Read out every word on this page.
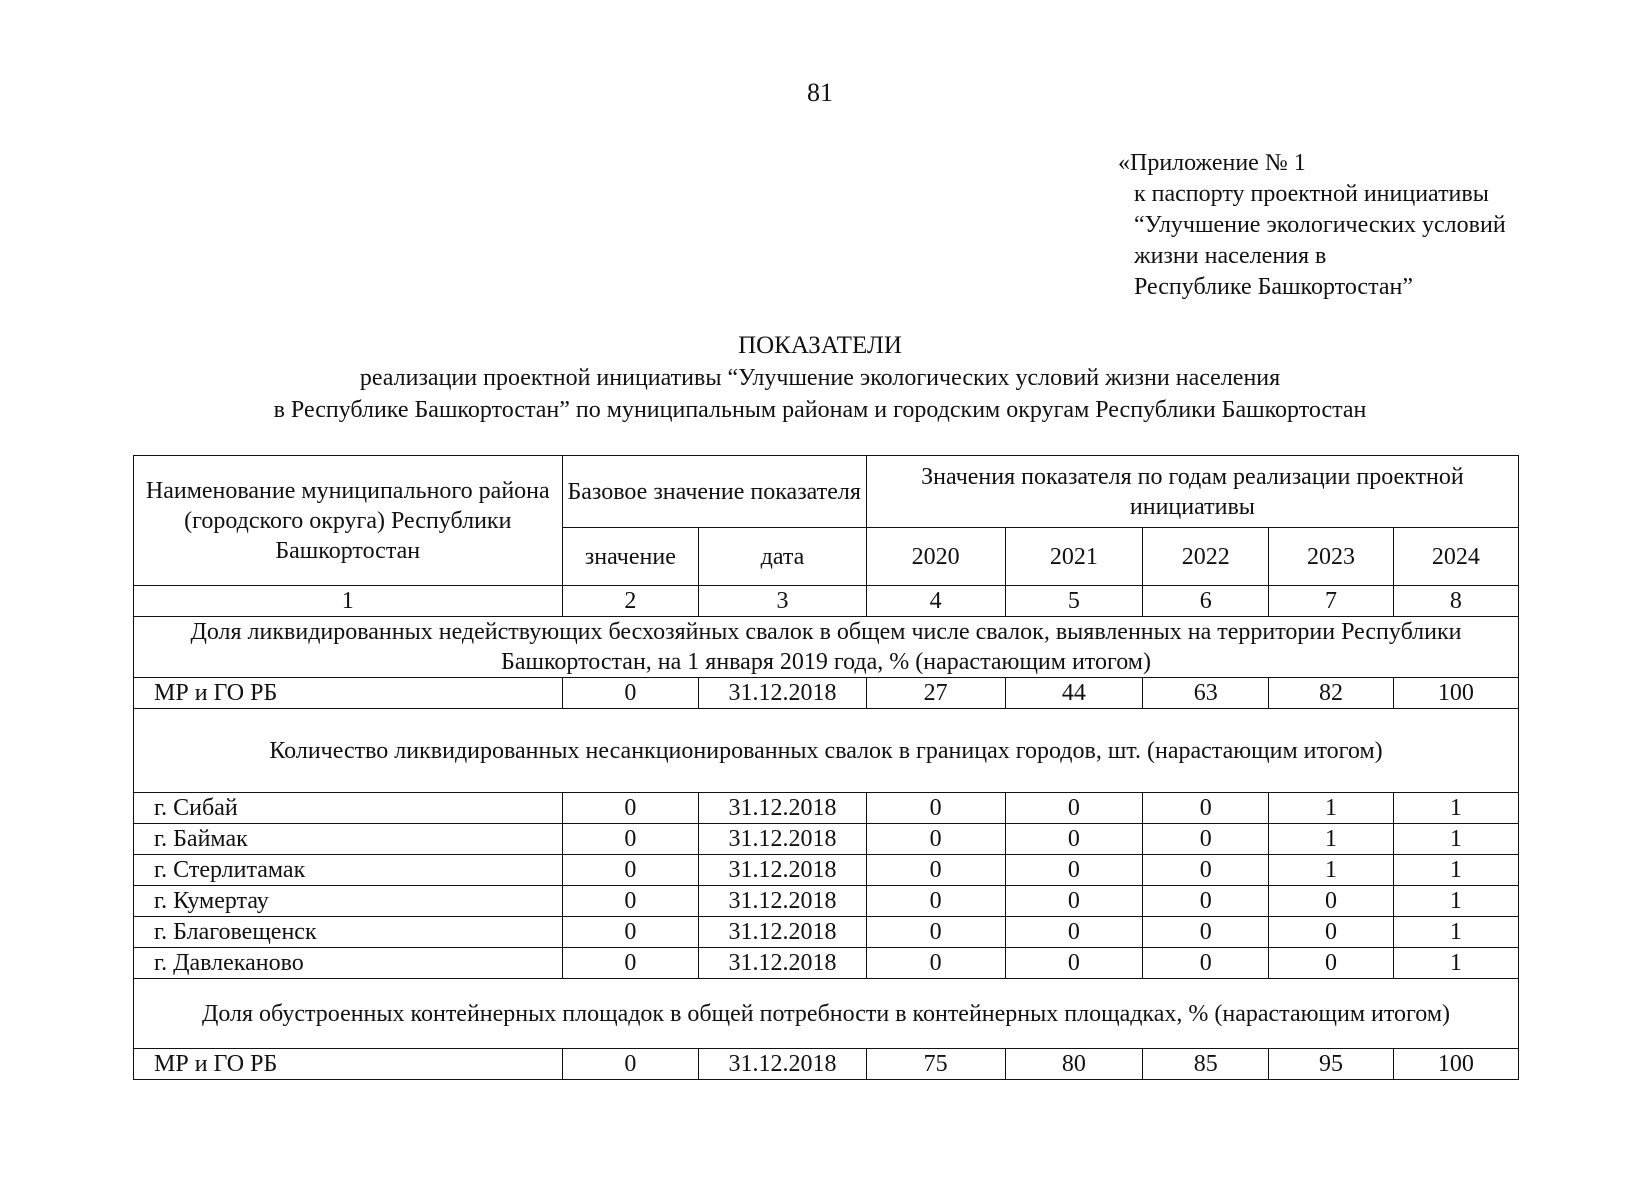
81
«Приложение № 1
к паспорту проектной инициативы
“Улучшение экологических условий
жизни населения в
Республике Башкортостан”
ПОКАЗАТЕЛИ
реализации проектной инициативы “Улучшение экологических условий жизни населения
в Республике Башкортостан” по муниципальным районам и городским округам Республики Башкортостан
Наименование муниципального района (городского округа) Республики Башкортостан	Базовое значение показателя		Значения показателя по годам реализации проектной инициативы				
	значение	дата	2020	2021	2022	2023	2024
1	2	3	4	5	6	7	8
Доля ликвидированных недействующих бесхозяйных свалок в общем числе свалок, выявленных на территории Республики Башкортостан, на 1 января 2019 года, % (нарастающим итогом)							
МР и ГО РБ	0	31.12.2018	27	44	63	82	100
Количество ликвидированных несанкционированных свалок в границах городов, шт. (нарастающим итогом)							
г. Сибай	0	31.12.2018	0	0	0	1	1
г. Баймак	0	31.12.2018	0	0	0	1	1
г. Стерлитамак	0	31.12.2018	0	0	0	1	1
г. Кумертау	0	31.12.2018	0	0	0	0	1
г. Благовещенск	0	31.12.2018	0	0	0	0	1
г. Давлеканово	0	31.12.2018	0	0	0	0	1
Доля обустроенных контейнерных площадок в общей потребности в контейнерных площадках, % (нарастающим итогом)							
МР и ГО РБ	0	31.12.2018	75	80	85	95	100
